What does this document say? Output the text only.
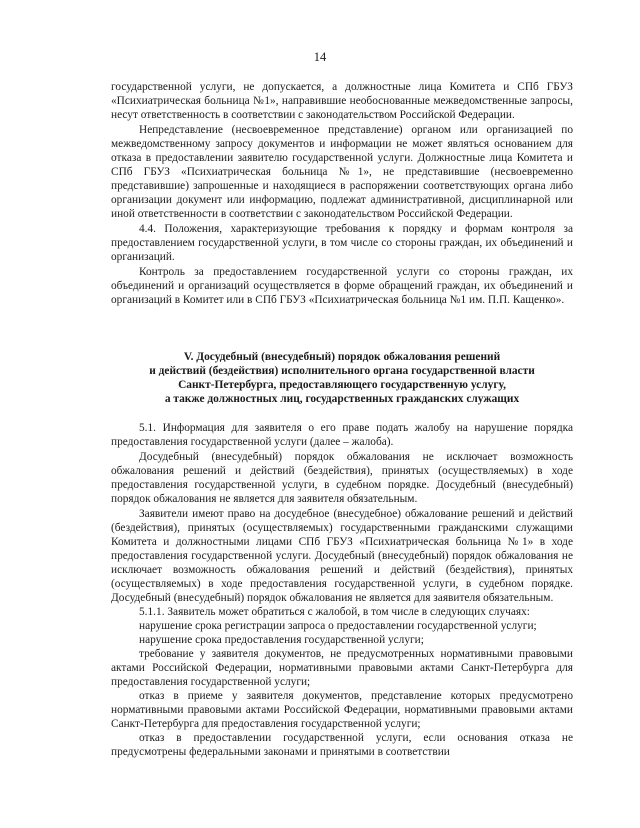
14

государственной услуги, не допускается, а должностные лица Комитета и СПб ГБУЗ «Психиатрическая больница №1», направившие необоснованные межведомственные запросы, несут ответственность в соответствии с законодательством Российской Федерации.

Непредставление (несвоевременное представление) органом или организацией по межведомственному запросу документов и информации не может являться основанием для отказа в предоставлении заявителю государственной услуги. Должностные лица Комитета и СПб ГБУЗ «Психиатрическая больница №1», не представившие (несвоевременно представившие) запрошенные и находящиеся в распоряжении соответствующих органа либо организации документ или информацию, подлежат административной, дисциплинарной или иной ответственности в соответствии с законодательством Российской Федерации.

4.4. Положения, характеризующие требования к порядку и формам контроля за предоставлением государственной услуги, в том числе со стороны граждан, их объединений и организаций.

Контроль за предоставлением государственной услуги со стороны граждан, их объединений и организаций осуществляется в форме обращений граждан, их объединений и организаций в Комитет или в СПб ГБУЗ «Психиатрическая больница №1 им. П.П. Кащенко».

V. Досудебный (внесудебный) порядок обжалования решений
и действий (бездействия) исполнительного органа государственной власти
Санкт-Петербурга, предоставляющего государственную услугу,
а также должностных лиц, государственных гражданских служащих

5.1. Информация для заявителя о его праве подать жалобу на нарушение порядка предоставления государственной услуги (далее – жалоба).

Досудебный (внесудебный) порядок обжалования не исключает возможность обжалования решений и действий (бездействия), принятых (осуществляемых) в ходе предоставления государственной услуги, в судебном порядке. Досудебный (внесудебный) порядок обжалования не является для заявителя обязательным.

Заявители имеют право на досудебное (внесудебное) обжалование решений и действий (бездействия), принятых (осуществляемых) государственными гражданскими служащими Комитета и должностными лицами СПб ГБУЗ «Психиатрическая больница №1» в ходе предоставления государственной услуги. Досудебный (внесудебный) порядок обжалования не исключает возможность обжалования решений и действий (бездействия), принятых (осуществляемых) в ходе предоставления государственной услуги, в судебном порядке. Досудебный (внесудебный) порядок обжалования не является для заявителя обязательным.

5.1.1. Заявитель может обратиться с жалобой, в том числе в следующих случаях:

нарушение срока регистрации запроса о предоставлении государственной услуги;

нарушение срока предоставления государственной услуги;

требование у заявителя документов, не предусмотренных нормативными правовыми актами Российской Федерации, нормативными правовыми актами Санкт-Петербурга для предоставления государственной услуги;

отказ в приеме у заявителя документов, представление которых предусмотрено нормативными правовыми актами Российской Федерации, нормативными правовыми актами Санкт-Петербурга для предоставления государственной услуги;

отказ в предоставлении государственной услуги, если основания отказа не предусмотрены федеральными законами и принятыми в соответствии
